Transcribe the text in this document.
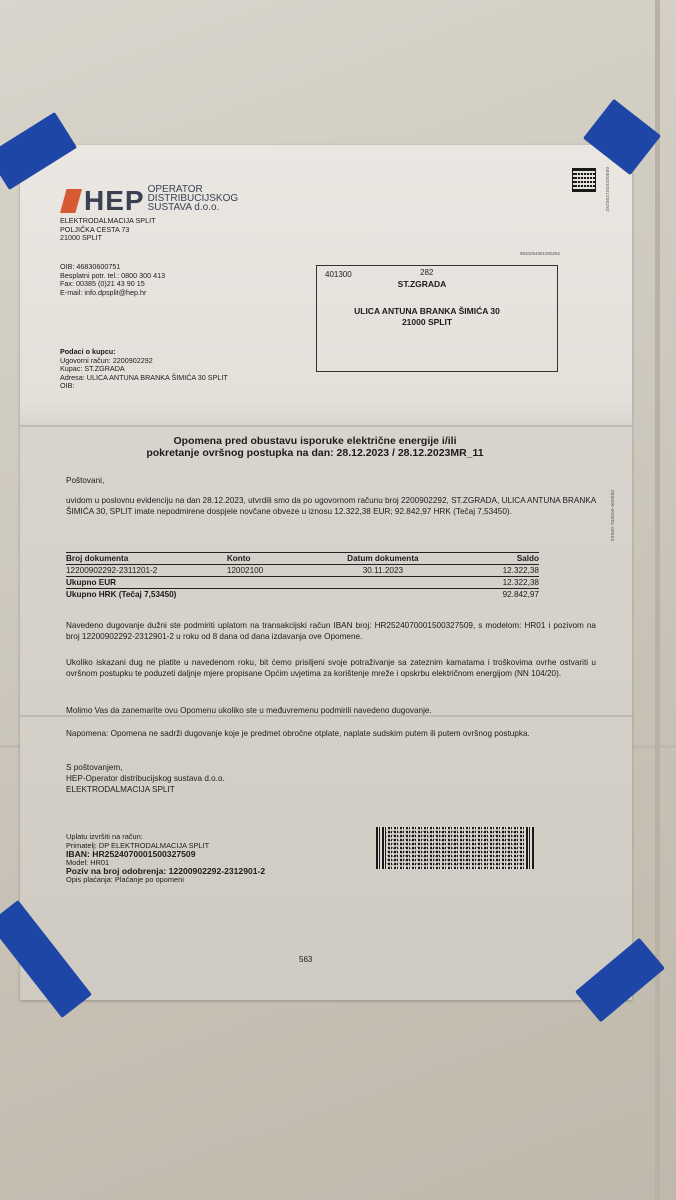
HEP OPERATOR
DISTRIBUCIJSKOG
SUSTAVA d.o.o.
ELEKTRODALMACIJA SPLIT
POLJIČKA CESTA 73
21000 SPLIT
OIB: 46830600751
Besplatni potr. tel.: 0800 300 413
Fax: 00385 (0)21 43 90 15
E-mail: info.dpsplit@hep.hr
Podaci o kupcu:
Ugovorni račun: 2200902292
Kupac: ST.ZGRADA
Adresa: ULICA ANTUNA BRANKA ŠIMIĆA 30 SPLIT
OIB:
0000020201200282
000000-000001-00563
9520294891000282
401300	282
ST.ZGRADA
ULICA ANTUNA BRANKA ŠIMIĆA 30
21000 SPLIT
Opomena pred obustavu isporuke električne energije i/ili
pokretanje ovršnog postupka na dan: 28.12.2023 / 28.12.2023MR_11
Poštovani,
uvidom u poslovnu evidenciju na dan 28.12.2023, utvrdili smo da po ugovornom računu broj 2200902292, ST.ZGRADA, ULICA ANTUNA BRANKA ŠIMIĆA 30, SPLIT imate nepodmirene dospjele novčane obveze u iznosu 12.322,38 EUR; 92.842,97 HRK (Tečaj 7,53450).
Broj dokumenta	Konto	Datum dokumenta	Saldo
12200902292-2311201-2	12002100	30.11.2023	12.322,38
Ukupno EUR			12.322,38
Ukupno HRK (Tečaj 7,53450)			92.842,97
Navedeno dugovanje dužni ste podmiriti uplatom na transakcijski račun IBAN broj: HR2524070001500327509, s modelom: HR01 i pozivom na broj 12200902292-2312901-2 u roku od 8 dana od dana izdavanja ove Opomene.
Ukoliko iskazani dug ne platite u navedenom roku, bit ćemo prisiljeni svoje potraživanje sa zateznim kamatama i troškovima ovrhe ostvariti u ovršnom postupku te poduzeti daljnje mjere propisane Općim uvjetima za korištenje mreže i opskrbu električnom energijom (NN 104/20).
Molimo Vas da zanemarite ovu Opomenu ukoliko ste u međuvremenu podmirili navedeno dugovanje.
Napomena: Opomena ne sadrži dugovanje koje je predmet obročne otplate, naplate sudskim putem ili putem ovršnog postupka.
S poštovanjem,
HEP-Operator distribucijskog sustava d.o.o.
ELEKTRODALMACIJA SPLIT
Uplatu izvršiti na račun:
Primatelj: DP ELEKTRODALMACIJA SPLIT
IBAN: HR2524070001500327509
Model: HR01
Poziv na broj odobrenja: 12200902292-2312901-2
Opis plaćanja: Plaćanje po opomeni
563
